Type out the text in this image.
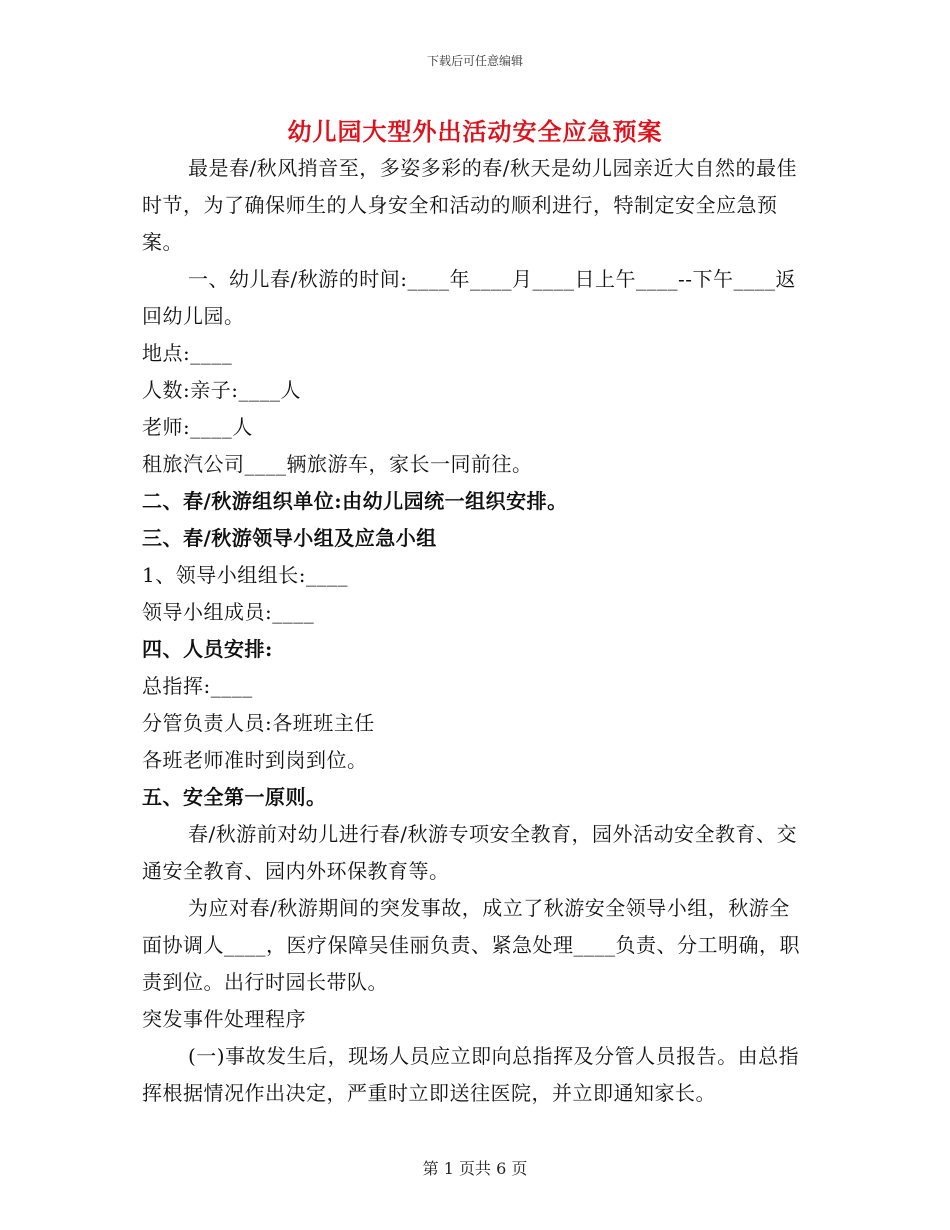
下载后可任意编辑
幼儿园大型外出活动安全应急预案

最是春/秋风捎音至，多姿多彩的春/秋天是幼儿园亲近大自然的最佳时节，为了确保师生的人身安全和活动的顺利进行，特制定安全应急预案。

一、幼儿春/秋游的时间:____年____月____日上午____--下午____返回幼儿园。

地点:____

人数:亲子:____人

老师:____人

租旅汽公司____辆旅游车，家长一同前往。

二、春/秋游组织单位:由幼儿园统一组织安排。

三、春/秋游领导小组及应急小组

1、领导小组组长:____

领导小组成员:____

四、人员安排:

总指挥:____

分管负责人员:各班班主任

各班老师准时到岗到位。

五、安全第一原则。

春/秋游前对幼儿进行春/秋游专项安全教育，园外活动安全教育、交通安全教育、园内外环保教育等。

为应对春/秋游期间的突发事故，成立了秋游安全领导小组，秋游全面协调人____，医疗保障吴佳丽负责、紧急处理____负责、分工明确，职责到位。出行时园长带队。

突发事件处理程序

(一)事故发生后，现场人员应立即向总指挥及分管人员报告。由总指挥根据情况作出决定，严重时立即送往医院，并立即通知家长。

第 1 页共 6 页
